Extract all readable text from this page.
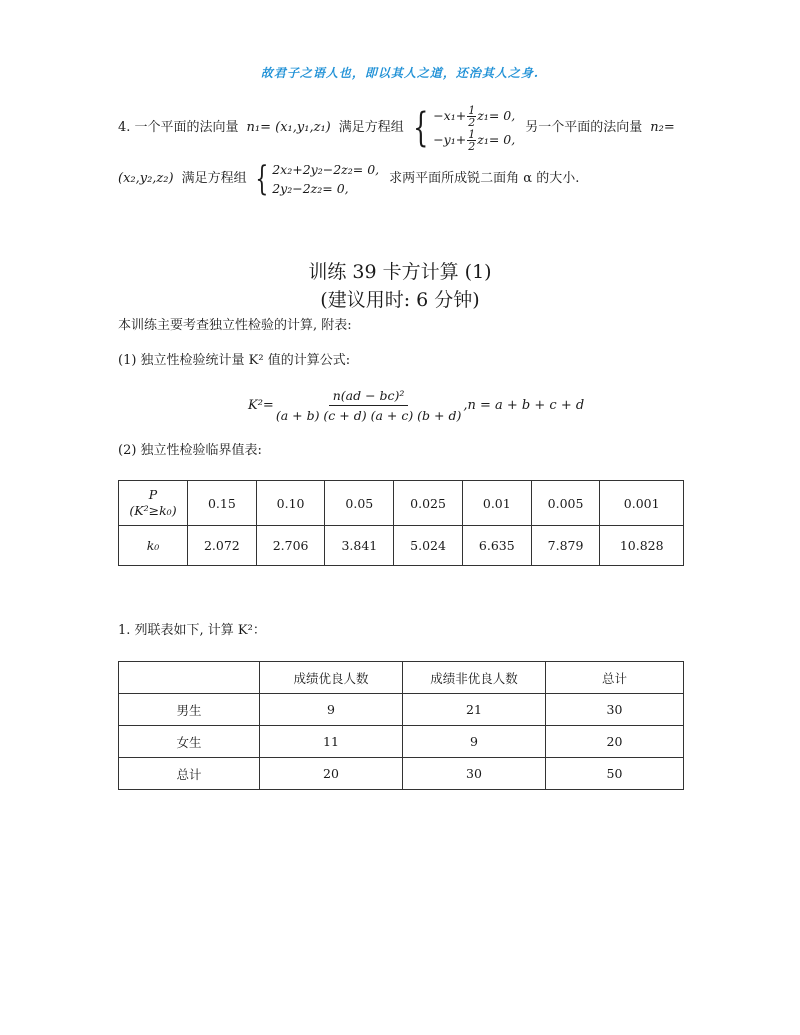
故君子之语人也，即以其人之道，还治其人之身.
4. 一个平面的法向量 n₁= (x₁,y₁,z₁) 满足方程组 { $-x_1+ \frac{1}{2} z_1= 0$,
$-y_1+ \frac{1}{2} z_1= 0$,
另一个平面的法向量 n₂=
(x₂,y₂,z₂) 满足方程组 { 2x₂+2y₂−2z₂= 0,
2y₂−2z₂= 0,
求两平面所成锐二面角 α 的大小.
训练 39 卡方计算 (1)
(建议用时: 6 分钟)
本训练主要考查独立性检验的计算, 附表:
(1) 独立性检验统计量 K² 值的计算公式:
$K^2= \frac{\text{n(ad − bc)²}}{(a + b) (c + d) (a + c) (b + d)} ,n = a + b + c + d$
(2) 独立性检验临界值表:
P
(K²≥k₀)	0.15	0.10	0.05	0.025	0.01	0.005	0.001
k₀	2.072	2.706	3.841	5.024	6.635	7.879	10.828
1. 列联表如下, 计算 K²：
	成绩优良人数	成绩非优良人数	总计
男生	9	21	30
女生	11	9	20
总计	20	30	50
